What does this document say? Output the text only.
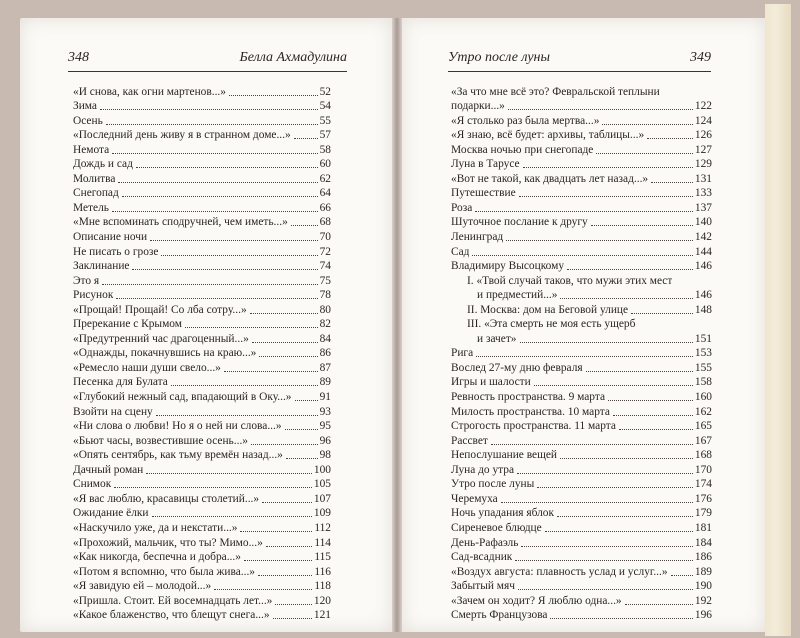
348	Белла Ахмадулина	Утро после луны	349
«И снова, как огни мартенов...»	52
Зима	54
Осень	55
«Последний день живу я в странном доме...»	57
Немота	58
Дождь и сад	60
Молитва	62
Снегопад	64
Метель	66
«Мне вспоминать сподручней, чем иметь...»	68
Описание ночи	70
Не писать о грозе	72
Заклинание	74
Это я	75
Рисунок	78
«Прощай! Прощай! Со лба сотру...»	80
Пререкание с Крымом	82
«Предутренний час драгоценный...»	84
«Однажды, покачнувшись на краю...»	86
«Ремесло наши души свело...»	87
Песенка для Булата	89
«Глубокий нежный сад, впадающий в Оку...» 91
Взойти на сцену	93
«Ни слова о любви! Но я о ней ни слова...»	95
«Бьют часы, возвестившие осень...»	96
«Опять сентябрь, как тьму времён назад...»	98
Дачный роман	100
Снимок	105
«Я вас люблю, красавицы столетий...»	107
Ожидание ёлки	109
«Наскучило уже, да и некстати...»	112
«Прохожий, мальчик, что ты? Мимо...»	114
«Как никогда, беспечна и добра...»	115
«Потом я вспомню, что была жива...»	116
«Я завидую ей – молодой...»	118
«Пришла. Стоит. Ей восемнадцать лет...»	120
«Какое блаженство, что блещут снега...»	121
«За что мне всё это? Февральской теплыни
подарки...»	122
«Я столько раз была мертва...»	124
«Я знаю, всё будет: архивы, таблицы...»	126
Москва ночью при снегопаде	127
Луна в Тарусе	129
«Вот не такой, как двадцать лет назад...»	131
Путешествие	133
Роза	137
Шуточное послание к другу	140
Ленинград	142
Сад	144
Владимиру Высоцкому	146
I. «Твой случай таков, что мужи этих мест
и предместий...»	146
II. Москва: дом на Беговой улице	148
III. «Эта смерть не моя есть ущерб
и зачет»	151
Рига	153
Вослед 27-му дню февраля	155
Игры и шалости	158
Ревность пространства. 9 марта	160
Милость пространства. 10 марта	162
Строгость пространства. 11 марта	165
Рассвет	167
Непослушание вещей	168
Луна до утра	170
Утро после луны	174
Черемуха	176
Ночь упадания яблок	179
Сиреневое блюдце	181
День-Рафаэль	184
Сад-всадник	186
«Воздух августа: плавность услад и услуг...» 189
Забытый мяч	190
«Зачем он ходит? Я люблю одна...»	192
Смерть Французова	196
